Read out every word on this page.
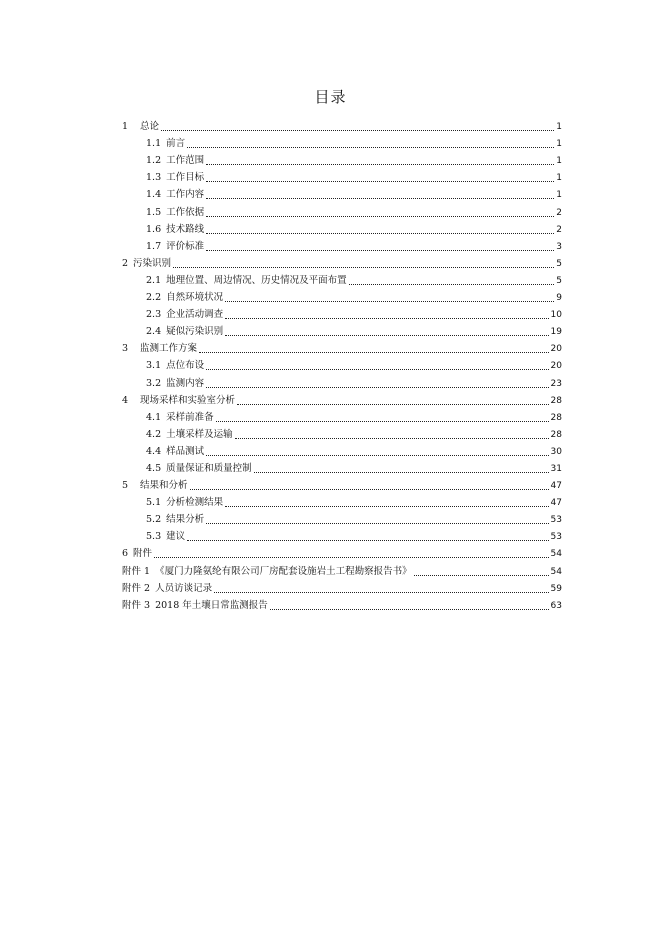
目录
1 总论	1
1.1 前言	1
1.2 工作范围	1
1.3 工作目标	1
1.4 工作内容	1
1.5 工作依据	2
1.6 技术路线	2
1.7 评价标准	3
2 污染识别	5
2.1 地理位置、周边情况、历史情况及平面布置	5
2.2 自然环境状况	9
2.3 企业活动调查	10
2.4 疑似污染识别	19
3 监测工作方案	20
3.1 点位布设	20
3.2 监测内容	23
4 现场采样和实验室分析	28
4.1 采样前准备	28
4.2 土壤采样及运输	28
4.4 样品测试	30
4.5 质量保证和质量控制	31
5 结果和分析	47
5.1 分析检测结果	47
5.2 结果分析	53
5.3 建议	53
6 附件	54
附件 1 《厦门力隆氨纶有限公司厂房配套设施岩土工程勘察报告书》	54
附件 2 人员访谈记录	59
附件 3 2018 年土壤日常监测报告	63
